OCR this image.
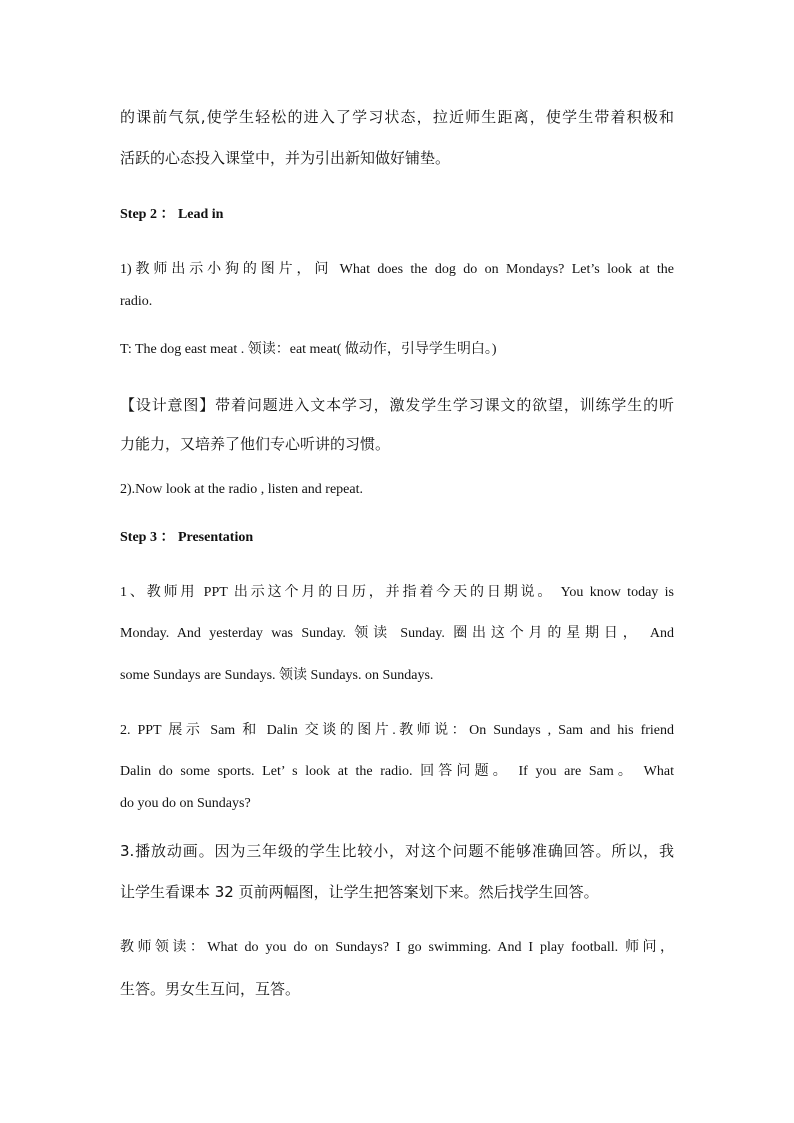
的课前气氛,使学生轻松的进入了学习状态，拉近师生距离，使学生带着积极和
活跃的心态投入课堂中，并为引出新知做好铺垫。
Step 2 ： Lead in
1)教师出示小狗的图片，问 What does the dog do on Mondays? Let’s look at the
radio.
T: The dog east meat . 领读：eat meat( 做动作，引导学生明白。)
【设计意图】带着问题进入文本学习，激发学生学习课文的欲望，训练学生的听
力能力，又培养了他们专心听讲的习惯。
2).Now look at the radio , listen and repeat.
Step 3 ： Presentation
1、教师用 PPT 出示这个月的日历，并指着今天的日期说。 You know today is
Monday. And yesterday was Sunday. 领读 Sunday. 圈出这个月的星期日， And
some Sundays are Sundays. 领读 Sundays. on Sundays.
2. PPT 展示 Sam 和 Dalin 交谈的图片.教师说：On Sundays , Sam and his friend
Dalin do some sports. Let’ s look at the radio. 回答问题。 If you are Sam。 What
do you do on Sundays?
3.播放动画。因为三年级的学生比较小，对这个问题不能够准确回答。所以，我
让学生看课本 32 页前两幅图，让学生把答案划下来。然后找学生回答。
教师领读：What do you do on Sundays? I go swimming. And I play football. 师问，
生答。男女生互问，互答。
